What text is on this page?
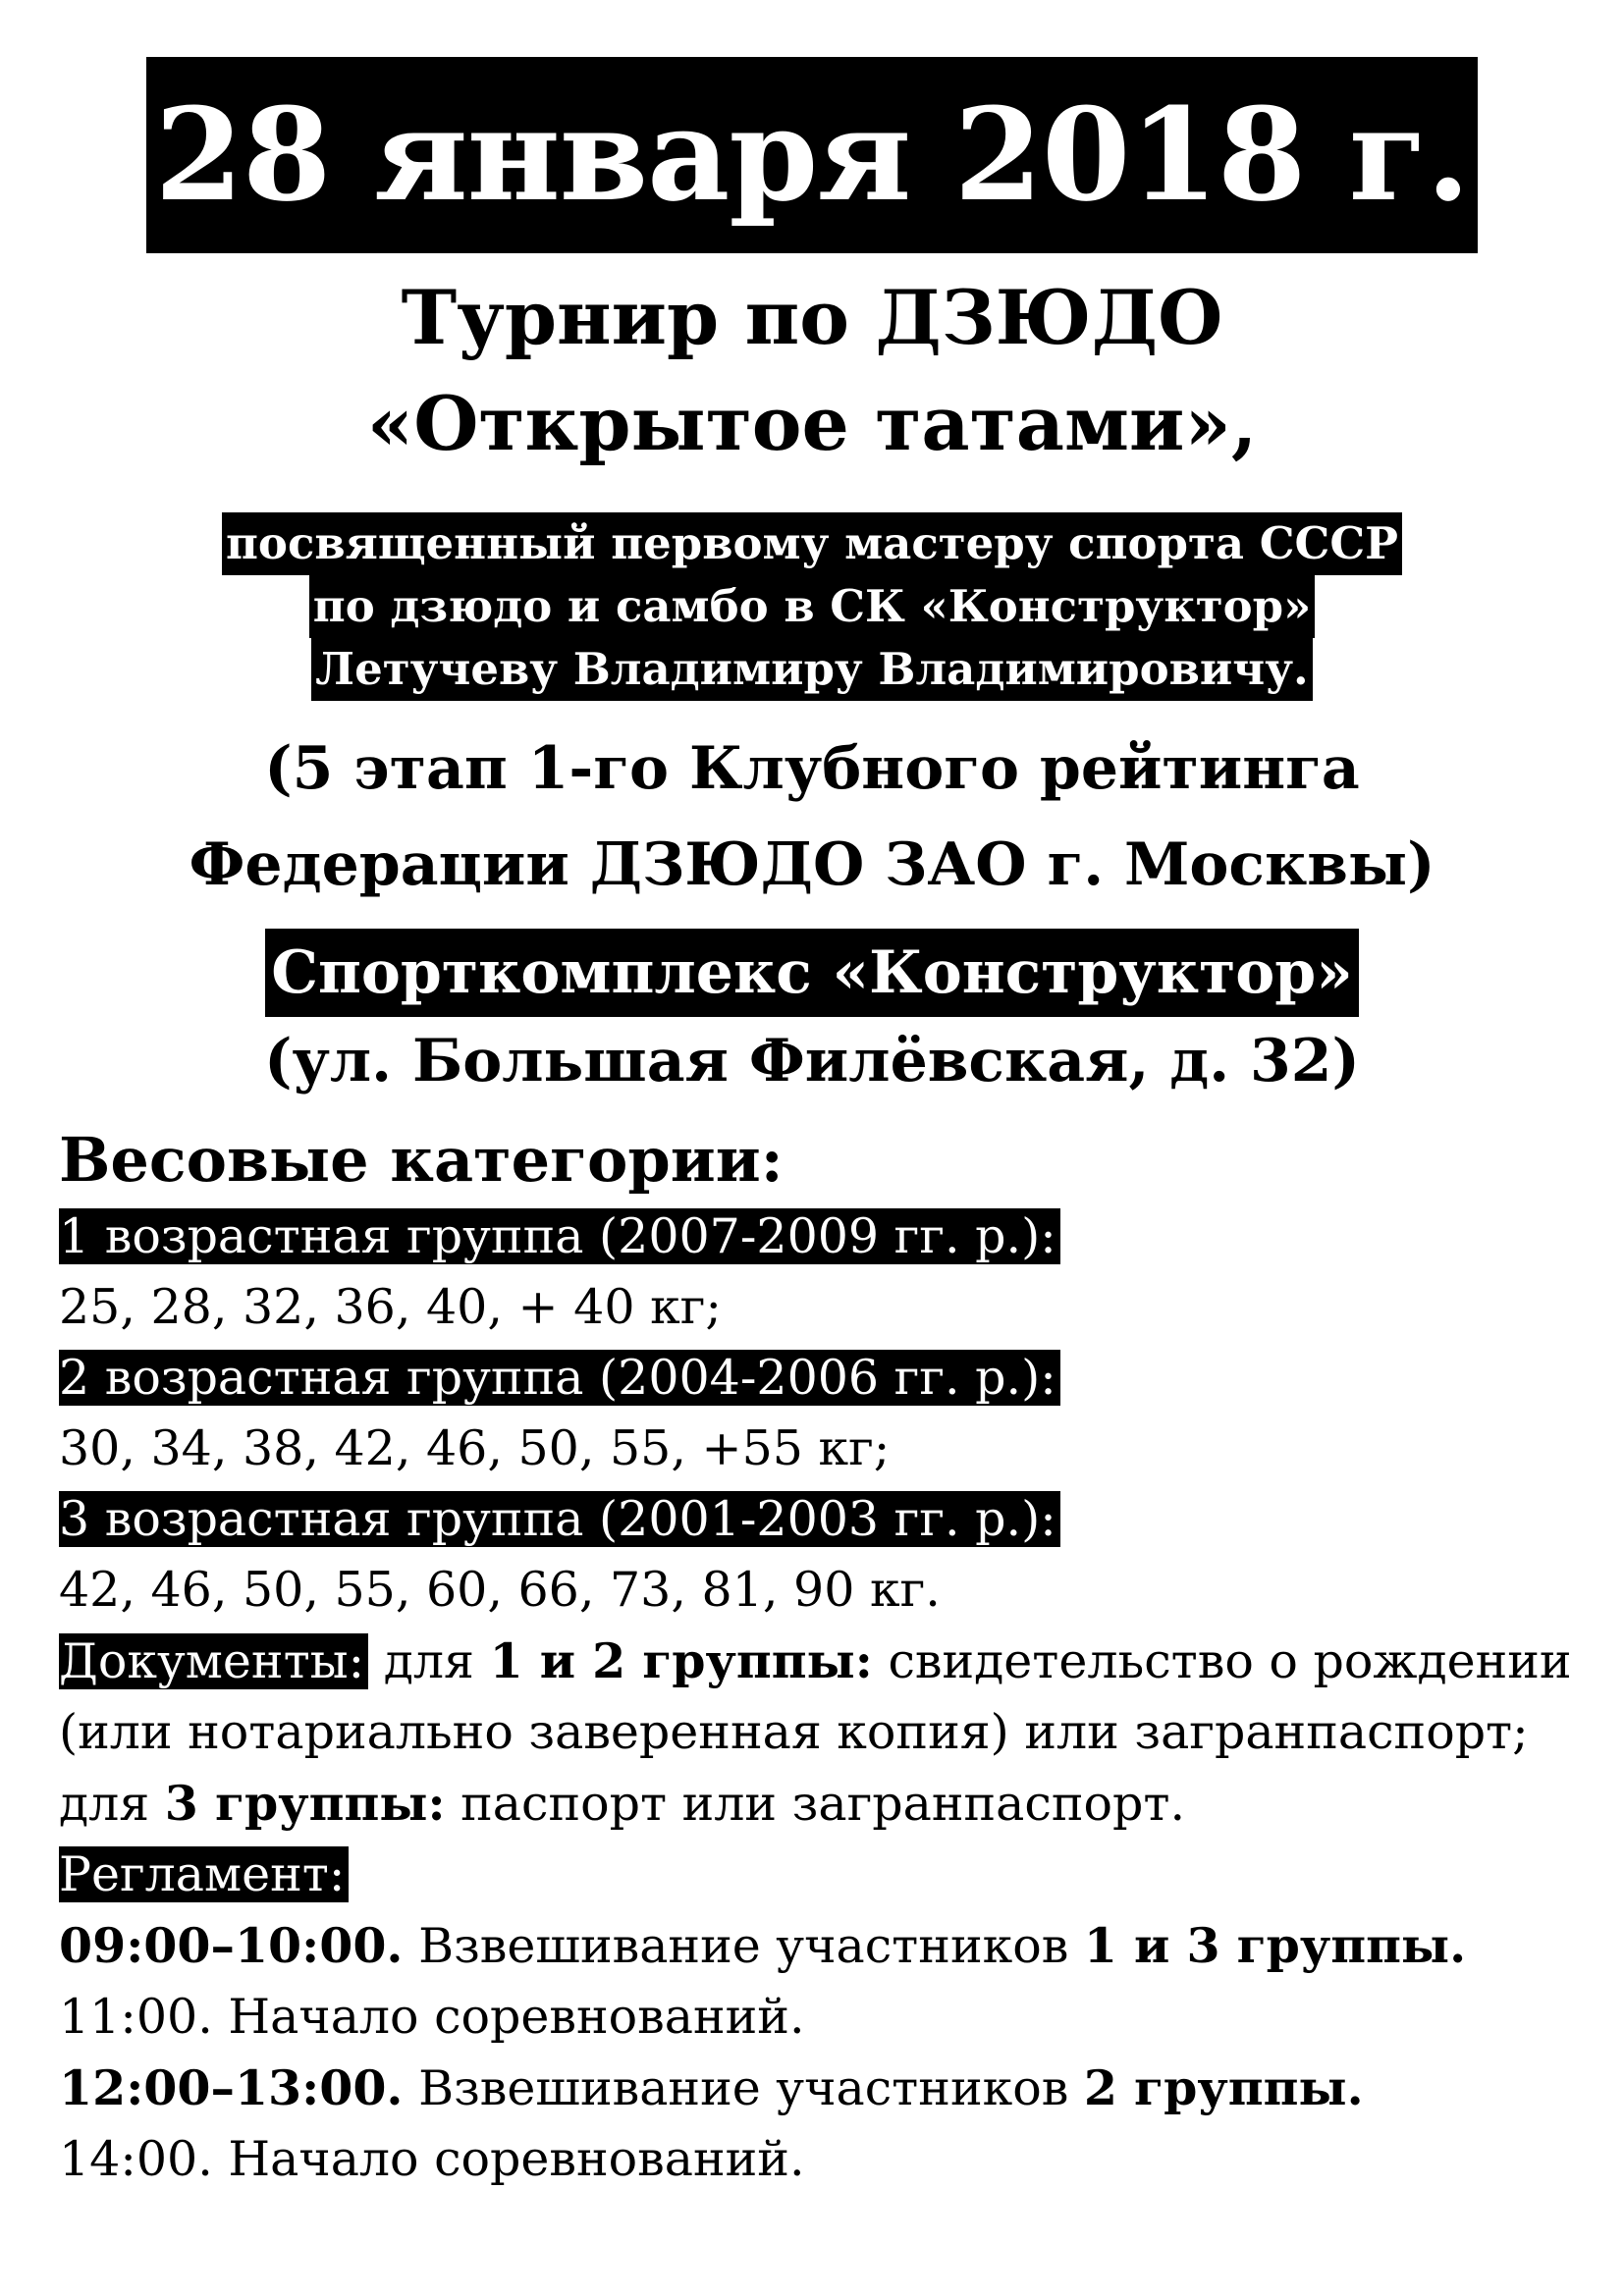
28 января 2018 г.
Турнир по ДЗЮДО
«Открытое татами»,
посвященный первому мастеру спорта СССР
по дзюдо и самбо в СК «Конструктор»
Летучеву Владимиру Владимировичу.
(5 этап 1-го Клубного рейтинга
Федерации ДЗЮДО ЗАО г. Москвы)
Спорткомплекс «Конструктор»
(ул. Большая Филёвская, д. 32)
Весовые категории:
1 возрастная группа (2007-2009 гг. р.):
25, 28, 32, 36, 40, + 40 кг;
2 возрастная группа (2004-2006 гг. р.):
30, 34, 38, 42, 46, 50, 55, +55 кг;
3 возрастная группа (2001-2003 гг. р.):
42, 46, 50, 55, 60, 66, 73, 81, 90 кг.
Документы: для 1 и 2 группы: свидетельство о рождении (или нотариально заверенная копия) или загранпаспорт; для 3 группы: паспорт или загранпаспорт.
Регламент:
09:00–10:00. Взвешивание участников 1 и 3 группы.
11:00. Начало соревнований.
12:00–13:00. Взвешивание участников 2 группы.
14:00. Начало соревнований.
